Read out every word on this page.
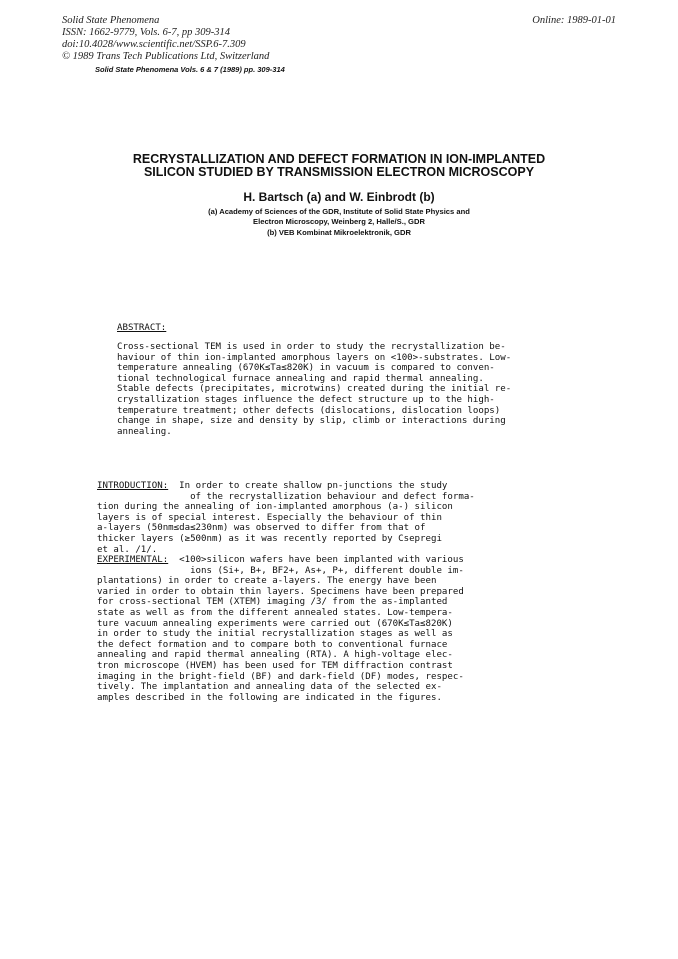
Solid State Phenomena
ISSN: 1662-9779, Vols. 6-7, pp 309-314
doi:10.4028/www.scientific.net/SSP.6-7.309
© 1989 Trans Tech Publications Ltd, Switzerland
Online: 1989-01-01
Solid State Phenomena Vols. 6 & 7 (1989) pp. 309-314
RECRYSTALLIZATION AND DEFECT FORMATION IN ION-IMPLANTED
SILICON STUDIED BY TRANSMISSION ELECTRON MICROSCOPY
H. Bartsch (a) and W. Einbrodt (b)
(a) Academy of Sciences of the GDR, Institute of Solid State Physics and
Electron Microscopy, Weinberg 2, Halle/S., GDR
(b) VEB Kombinat Mikroelektronik, GDR
ABSTRACT:
Cross-sectional TEM is used in order to study the recrystallization be-
haviour of thin ion-implanted amorphous layers on <100>-substrates. Low-
temperature annealing (670K≤Ta≤820K) in vacuum is compared to conven-
tional technological furnace annealing and rapid thermal annealing.
Stable defects (precipitates, microtwins) created during the initial re-
crystallization stages influence the defect structure up to the high-
temperature treatment; other defects (dislocations, dislocation loops)
change in shape, size and density by slip, climb or interactions during
annealing.
INTRODUCTION: In order to create shallow pn-junctions the study
of the recrystallization behaviour and defect forma-
tion during the annealing of ion-implanted amorphous (a-) silicon
layers is of special interest. Especially the behaviour of thin
a-layers (50nm≤da≤230nm) was observed to differ from that of
thicker layers (≥500nm) as it was recently reported by Csepregi
et al. /1/.
EXPERIMENTAL: <100>silicon wafers have been implanted with various
ions (Si+, B+, BF2+, As+, P+, different double im-
plantations) in order to create a-layers. The energy have been
varied in order to obtain thin layers. Specimens have been prepared
for cross-sectional TEM (XTEM) imaging /3/ from the as-implanted
state as well as from the different annealed states. Low-tempera-
ture vacuum annealing experiments were carried out (670K≤Ta≤820K)
in order to study the initial recrystallization stages as well as
the defect formation and to compare both to conventional furnace
annealing and rapid thermal annealing (RTA). A high-voltage elec-
tron microscope (HVEM) has been used for TEM diffraction contrast
imaging in the bright-field (BF) and dark-field (DF) modes, respec-
tively. The implantation and annealing data of the selected ex-
amples described in the following are indicated in the figures.
